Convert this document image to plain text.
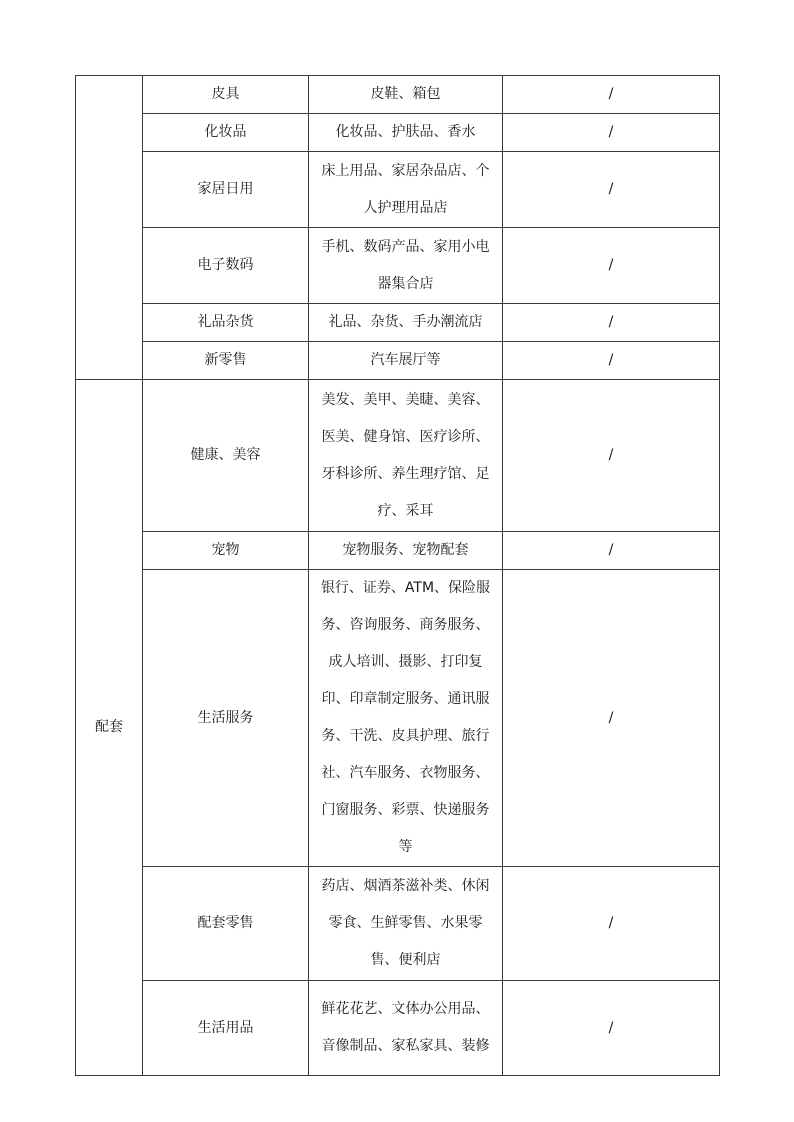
	皮具	皮鞋、箱包	/
	化妆品	化妆品、护肤品、香水	/
	家居日用	床上用品、家居杂品店、个人护理用品店	/
	电子数码	手机、数码产品、家用小电器集合店	/
	礼品杂货	礼品、杂货、手办潮流店	/
	新零售	汽车展厅等	/
配套	健康、美容	美发、美甲、美睫、美容、医美、健身馆、医疗诊所、牙科诊所、养生理疗馆、足疗、采耳	/
	宠物	宠物服务、宠物配套	/
	生活服务	银行、证券、ATM、保险服务、咨询服务、商务服务、成人培训、摄影、打印复印、印章制定服务、通讯服务、干洗、皮具护理、旅行社、汽车服务、衣物服务、门窗服务、彩票、快递服务等	/
	配套零售	药店、烟酒茶滋补类、休闲零食、生鲜零售、水果零售、便利店	/
	生活用品	鲜花花艺、文体办公用品、音像制品、家私家具、装修	/
